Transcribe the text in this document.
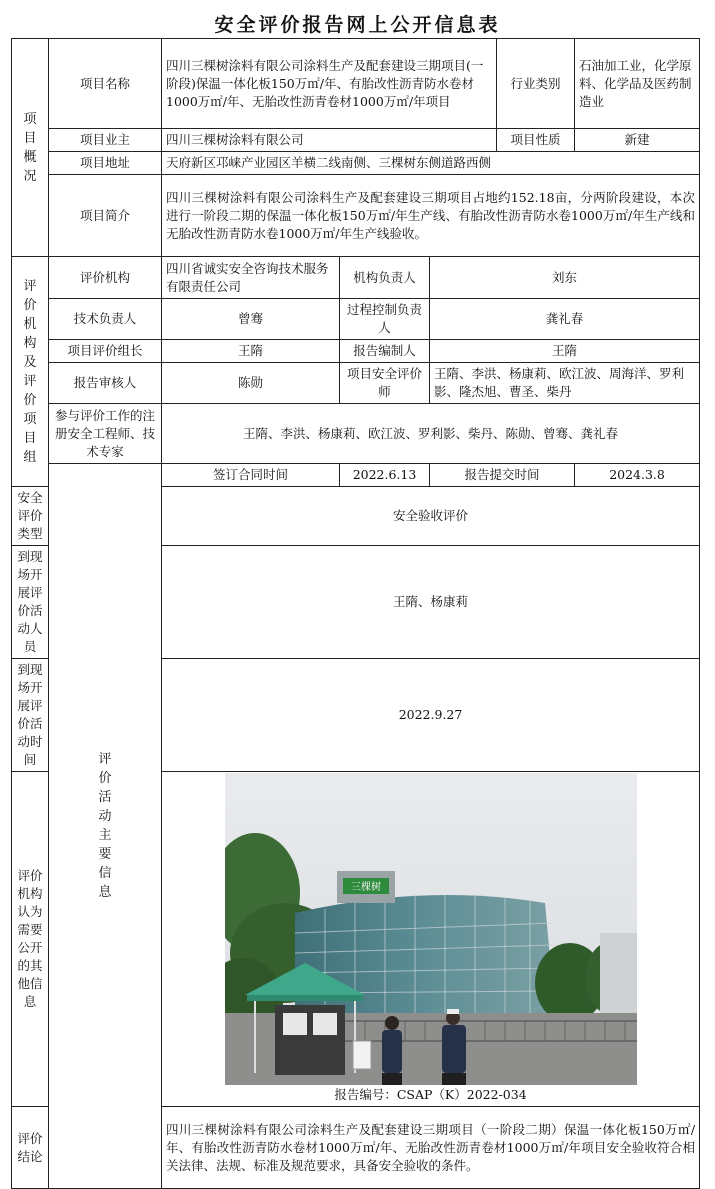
安全评价报告网上公开信息表
项目概况	项目名称	四川三棵树涂料有限公司涂料生产及配套建设三期项目(一阶段)保温一体化板150万㎡/年、有胎改性沥青防水卷材1000万㎡/年、无胎改性沥青卷材1000万㎡/年项目			行业类别	石油加工业，化学原料、化学品及医药制造业
	项目业主	四川三棵树涂料有限公司			项目性质	新建
	项目地址	天府新区邛崃产业园区羊横二线南侧、三棵树东侧道路西侧				
	项目简介	四川三棵树涂料有限公司涂料生产及配套建设三期项目占地约152.18亩，分两阶段建设，本次进行一阶段二期的保温一体化板150万㎡/年生产线、有胎改性沥青防水卷1000万㎡/年生产线和无胎改性沥青防水卷1000万㎡/年生产线验收。				
评价机构及评价项目组	评价机构	四川省诚实安全咨询技术服务有限责任公司	机构负责人	刘东		
	技术负责人	曾骞	过程控制负责人	龚礼春		
	项目评价组长	王隋	报告编制人	王隋		
	报告审核人	陈勋	项目安全评价师	王隋、李洪、杨康莉、欧江波、周海洋、罗利影、隆杰旭、曹圣、柴丹		
	参与评价工作的注册安全工程师、技术专家	王隋、李洪、杨康莉、欧江波、罗利影、柴丹、陈勋、曾骞、龚礼春				
	评价活动主要信息	签订合同时间	2022.6.13	报告提交时间		2024.3.8
安全评价类型		安全验收评价				
到现场开展评价活动人员		王隋、杨康莉				
到现场开展评价活动时间		2022.9.27				
评价机构认为需要公开的其他信息		三棵树
报告编号：CSAP（K）2022-034				

评价结论		四川三棵树涂料有限公司涂料生产及配套建设三期项目（一阶段二期）保温一体化板150万㎡/年、有胎改性沥青防水卷材1000万㎡/年、无胎改性沥青卷材1000万㎡/年项目安全验收符合相关法律、法规、标准及规范要求，具备安全验收的条件。				
